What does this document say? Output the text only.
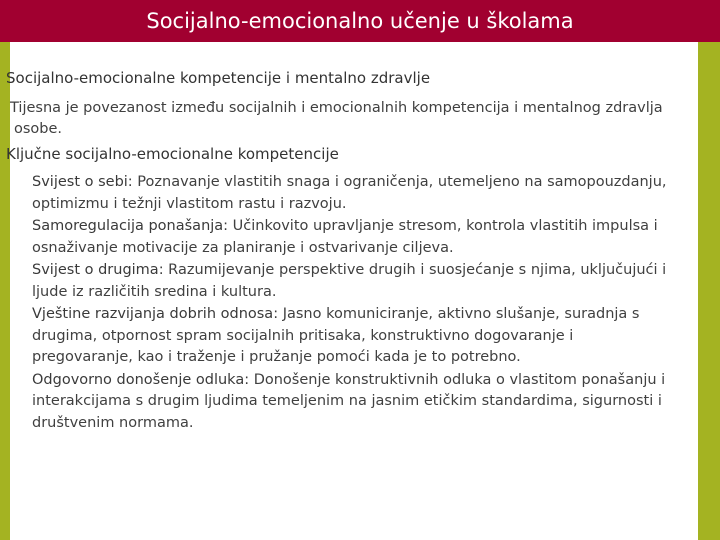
Socijalno-emocionalno učenje u školama
Socijalno-emocionalne kompetencije i mentalno zdravlje
Tijesna je povezanost između socijalnih i emocionalnih kompetencija i mentalnog zdravlja osobe.
Ključne socijalno-emocionalne kompetencije
Svijest o sebi: Poznavanje vlastitih snaga i ograničenja, utemeljeno na samopouzdanju, optimizmu i težnji vlastitom rastu i razvoju.
Samoregulacija ponašanja: Učinkovito upravljanje stresom, kontrola vlastitih impulsa i osnaživanje motivacije za planiranje i ostvarivanje ciljeva.
Svijest o drugima: Razumijevanje perspektive drugih i suosjećanje s njima, uključujući i ljude iz različitih sredina i kultura.
Vještine razvijanja dobrih odnosa: Jasno komuniciranje, aktivno slušanje, suradnja s drugima, otpornost spram socijalnih pritisaka, konstruktivno dogovaranje i pregovaranje, kao i traženje i pružanje pomoći kada je to potrebno.
Odgovorno donošenje odluka: Donošenje konstruktivnih odluka o vlastitom ponašanju i interakcijama s drugim ljudima temeljenim na jasnim etičkim standardima, sigurnosti i društvenim normama.
